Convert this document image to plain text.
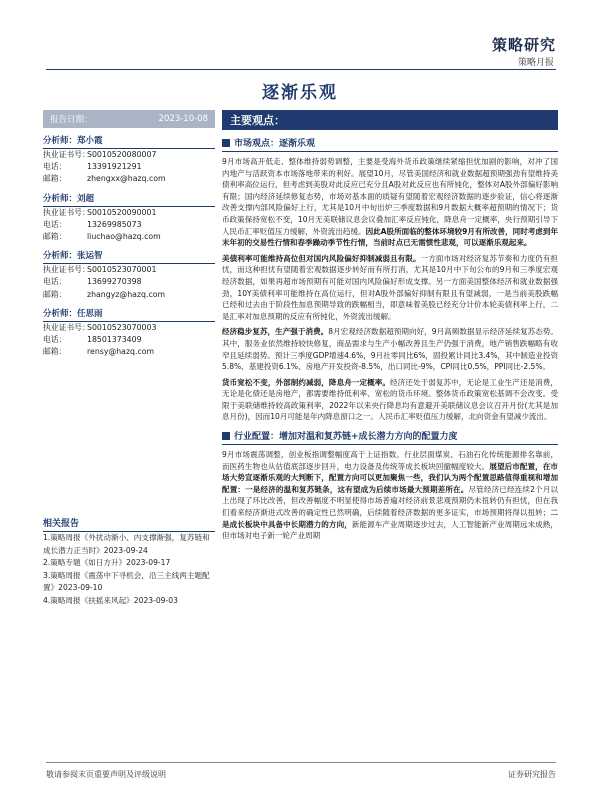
策略研究
策略月报
逐渐乐观
报告日期：	2023-10-08
分析师：郑小霞
执业证书号：
S0010520080007
电话：	13391921291
邮箱：	zhengxx@hazq.com
分析师：刘超
执业证书号：
S0010520090001
电话：	13269985073
邮箱：	liuchao@hazq.com
分析师：张运智
执业证书号：
S0010523070001
电话：	13699270398
邮箱：	zhangyz@hazq.com
分析师：任思雨
执业证书号：
S0010523070003
电话：	18501373409
邮箱：	rensy@hazq.com
相关报告
1.策略周报《外扰动渐小、内支撑渐强，复苏链和成长潜力正当时》2023-09-24
2.策略专题《如日方升》2023-09-17
3.策略周报《震荡中下寻机会，沿三主线两主题配置》2023-09-10
4.策略周报《扶摇来风起》2023-09-03
主要观点：
市场观点：逐渐乐观
9月市场高开低走、整体维持弱势调整，主要是受海外货币政策继续紧缩担忧加剧的影响，对冲了国内地产与活跃资本市场落地带来的利好。展望10月，尽管美国经济和就业数据超预期强劲有望维持美债利率高位运行，但考虑到美股对此反应已充分且A股对此反应也有所钝化，整体对A股外部偏好影响有限；国内经济延续修复态势，市场对基本面的质疑有望随着宏观经济数据的逐步验证，信心将逐渐改善支撑内部风险偏好上行，尤其是10月中旬出炉三季度数据和9月数据大概率超预期的情况下；货币政策保持宽松不变，10月无美联储议息会议叠加汇率反应钝化，降息舟一定概率，央行预期引导下人民币汇率贬值压力缓解，外资流出趋缓。因此A股所面临的整体环境较9月有所改善，同时考虑到年末年初的交易性行情和春季躁动季节性行情，当前时点已无需惯性悲观，可以逐渐乐观起来。
美债利率可能维持高位但对国内风险偏好抑制减弱且有限。一方面市场对经济复苏节奏和力度仍有担忧，而这种担忧有望随着宏观数据逐步转好而有所打消，尤其是10月中下旬公布的9月和三季度宏观经济数据，如果再超市场预期有可能对国内风险偏好形成支撑。另一方面美国整体经济和就业数据强劲，10Y美债利率可能维持在高位运行，但对A股外部偏好抑制有限且有望减弱，一是当前美股跌幅已经和过去由于阶段性加息预期导致的跌幅相当，即意味着美股已经充分计价本轮美债利率上行，二是汇率对加息预期的反应有所钝化，外资流出缓解。
经济稳步复苏，生产强于消费。8月宏观经济数据超预期向好，9月高频数据显示经济延续复苏态势。其中，服务业依然维持较快修复，商品需求与生产小幅改善且生产仍强于消费，地产销售跌幅略有收窄且延续弱势。预计三季度GDP增速4.6%，9月社零同比6%，固投累计同比3.4%，其中制造业投资5.8%、基建投资6.1%、房地产开发投资-8.5%，出口同比-9%，CPI同比0.5%，PPI同比-2.5%。
货币宽松不变，外部制约减弱，降息舟一定概率。经济还处于弱复苏中，无论是工业生产还是消费，无论是化债还是房地产，都需要维持低利率、宽松的货币环境。整体货币政策宽松基调不会改变。受限于美联储维持较高政策利率，2022年以来央行降息均有意避开美联储议息会议召开月份(尤其是加息月份)，因而10月可能是年内降息窗口之一。人民币汇率贬值压力缓解，北向资金有望减少流出。
行业配置：增加对温和复苏链+成长潜力方向的配置力度
9月市场震荡调整，创业板指调整幅度高于上证指数。行业层面煤炭、石油石化传统能源排名靠前，而医药生物也从估值底部逐步回升，电力设备及传统等成长板块回撤幅度较大。展望后市配置，在市场大势宣逐渐乐观的大判断下，配置方向可以更加聚焦一些，我们认为两个配置思路值得重视和增加配置：一是经济的温和复苏链条，这有望成为后续市场最大预期差所在。尽管经济已经连续2个月以上出现了环比改善，但改善幅度不明显使得市场普遍对经济前景悲观预期仍未扭转仍有担忧，但在我们看来经济渐进式改善的确定性已然明确，后续随着经济数据的更多证实，市场预期将得以扭转；二是成长板块中具备中长期潜力的方向，新能源车产业周期逐步过去，人工智能新产业周期远未成熟，但市场对电子新一轮产业周期
敬请参阅末页重要声明及评级说明	证券研究报告
